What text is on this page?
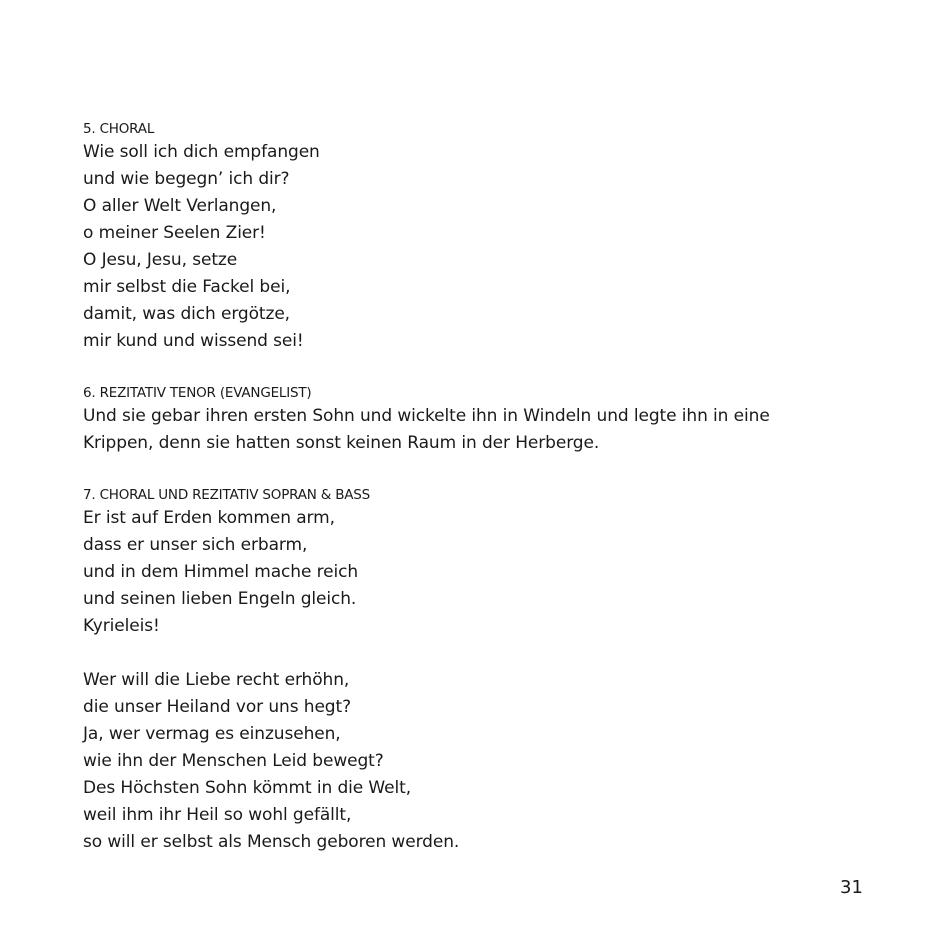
5. CHORAL
Wie soll ich dich empfangen
und wie begegn’ ich dir?
O aller Welt Verlangen,
o meiner Seelen Zier!
O Jesu, Jesu, setze
mir selbst die Fackel bei,
damit, was dich ergötze,
mir kund und wissend sei!
6. REZITATIV TENOR (EVANGELIST)
Und sie gebar ihren ersten Sohn und wickelte ihn in Windeln und legte ihn in eine
Krippen, denn sie hatten sonst keinen Raum in der Herberge.
7. CHORAL UND REZITATIV SOPRAN & BASS
Er ist auf Erden kommen arm,
dass er unser sich erbarm,
und in dem Himmel mache reich
und seinen lieben Engeln gleich.
Kyrieleis!
Wer will die Liebe recht erhöhn,
die unser Heiland vor uns hegt?
Ja, wer vermag es einzusehen,
wie ihn der Menschen Leid bewegt?
Des Höchsten Sohn kömmt in die Welt,
weil ihm ihr Heil so wohl gefällt,
so will er selbst als Mensch geboren werden.
31
